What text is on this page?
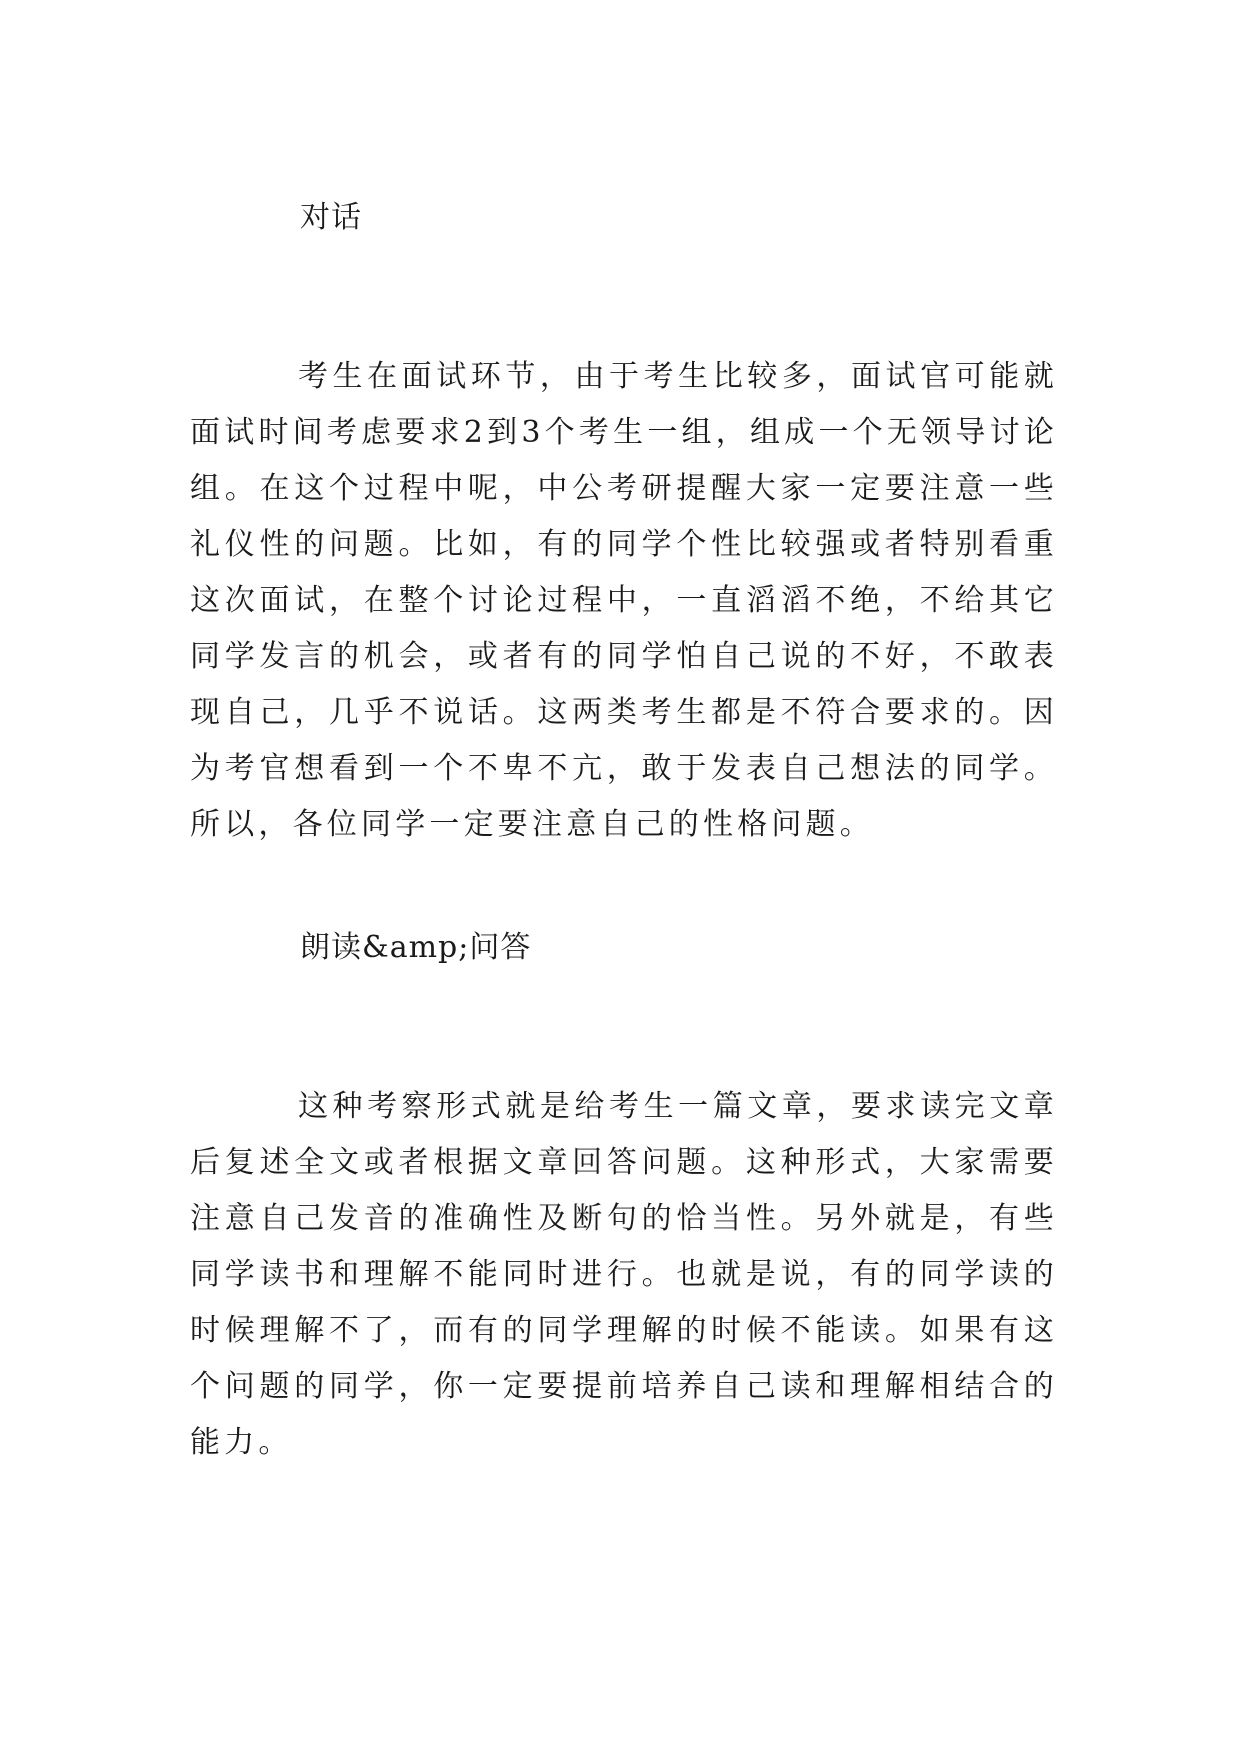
对话

考生在面试环节，由于考生比较多，面试官可能就面试时间考虑要求2到3个考生一组，组成一个无领导讨论组。在这个过程中呢，中公考研提醒大家一定要注意一些礼仪性的问题。比如，有的同学个性比较强或者特别看重这次面试，在整个讨论过程中，一直滔滔不绝，不给其它同学发言的机会，或者有的同学怕自己说的不好，不敢表现自己，几乎不说话。这两类考生都是不符合要求的。因为考官想看到一个不卑不亢，敢于发表自己想法的同学。所以，各位同学一定要注意自己的性格问题。

朗读&amp;问答

这种考察形式就是给考生一篇文章，要求读完文章后复述全文或者根据文章回答问题。这种形式，大家需要注意自己发音的准确性及断句的恰当性。另外就是，有些同学读书和理解不能同时进行。也就是说，有的同学读的时候理解不了，而有的同学理解的时候不能读。如果有这个问题的同学，你一定要提前培养自己读和理解相结合的能力。
